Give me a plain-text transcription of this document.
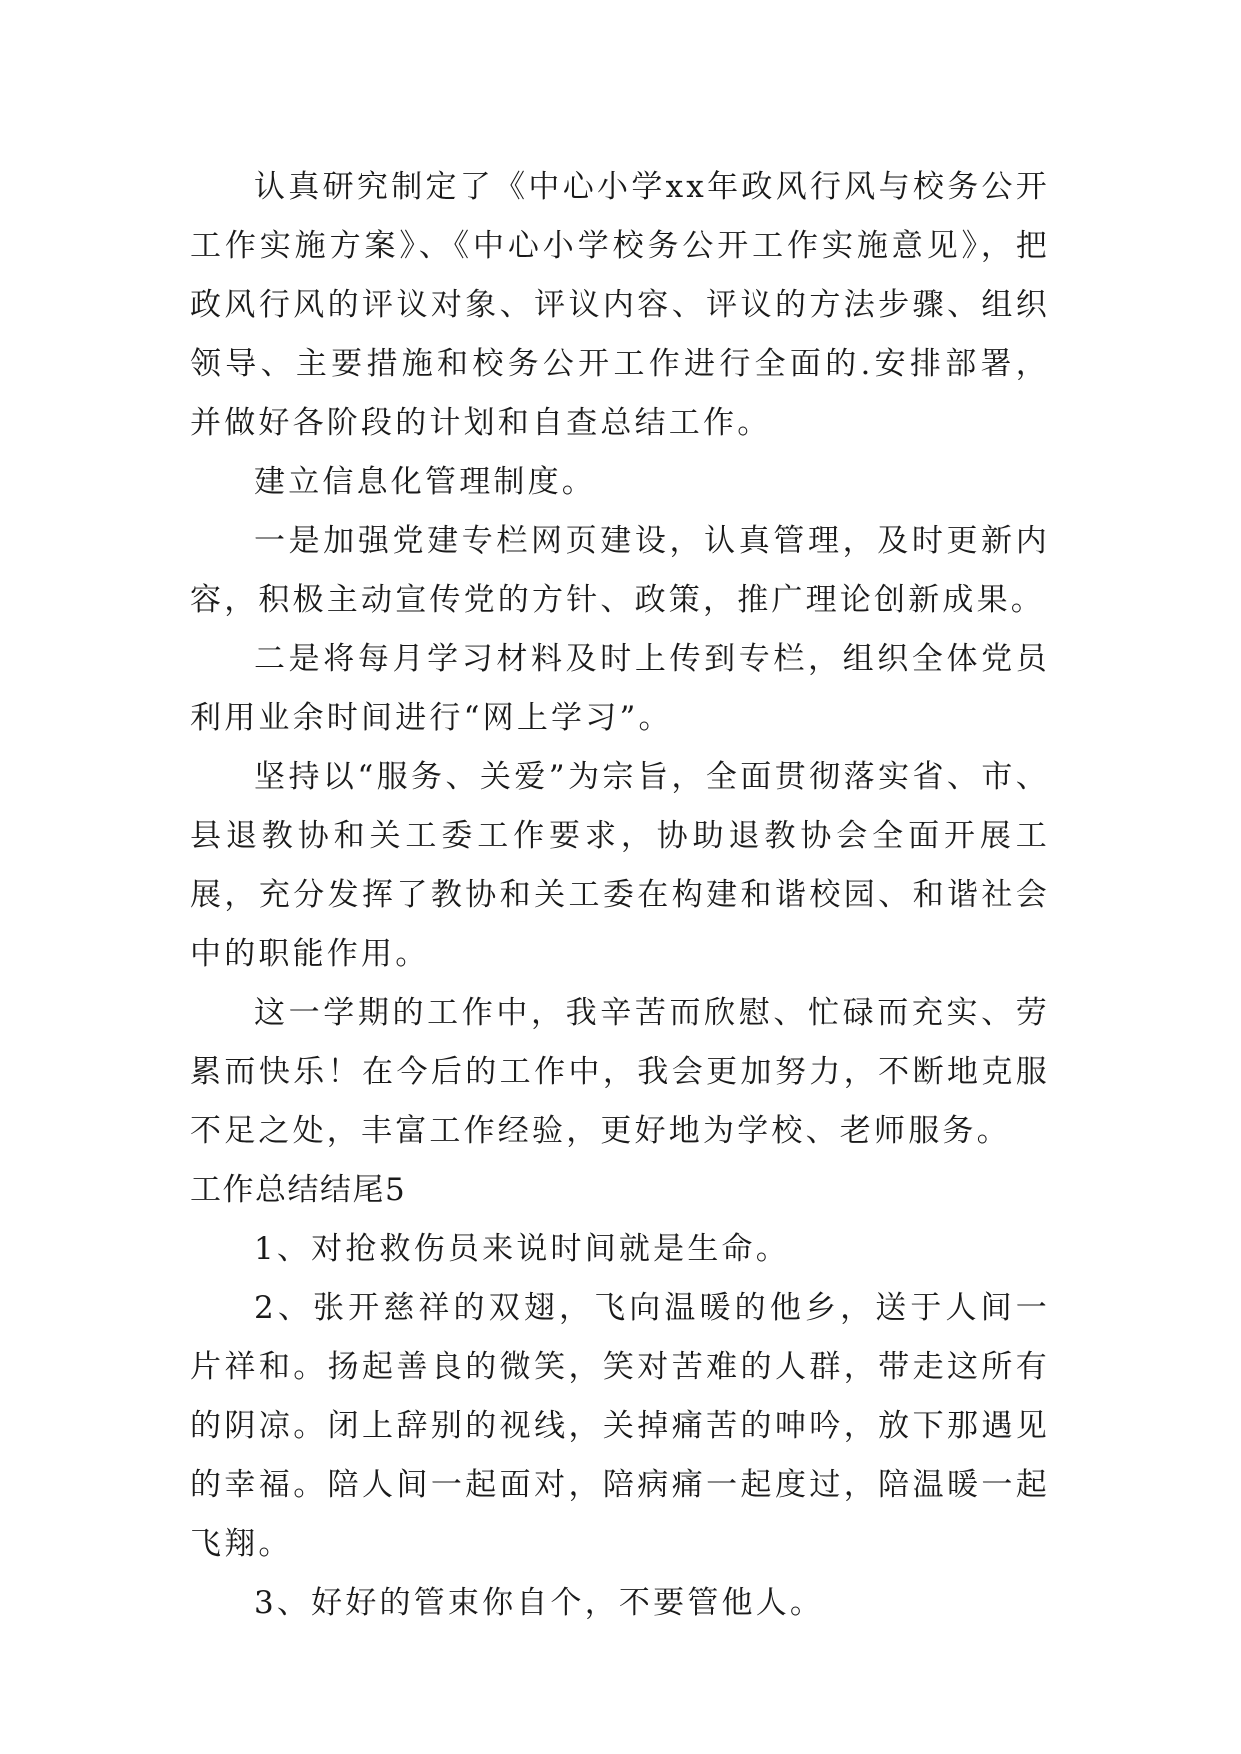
认真研究制定了《中心小学xx年政风行风与校务公开工作实施方案》、《中心小学校务公开工作实施意见》，把政风行风的评议对象、评议内容、评议的方法步骤、组织领导、主要措施和校务公开工作进行全面的.安排部署，并做好各阶段的计划和自查总结工作。

建立信息化管理制度。

一是加强党建专栏网页建设，认真管理，及时更新内容，积极主动宣传党的方针、政策，推广理论创新成果。

二是将每月学习材料及时上传到专栏，组织全体党员利用业余时间进行“网上学习”。

坚持以“服务、关爱”为宗旨，全面贯彻落实省、市、县退教协和关工委工作要求，协助退教协会全面开展工展，充分发挥了教协和关工委在构建和谐校园、和谐社会中的职能作用。

这一学期的工作中，我辛苦而欣慰、忙碌而充实、劳累而快乐！在今后的工作中，我会更加努力，不断地克服不足之处，丰富工作经验，更好地为学校、老师服务。

工作总结结尾5

1、对抢救伤员来说时间就是生命。

2、张开慈祥的双翅，飞向温暖的他乡，送于人间一片祥和。扬起善良的微笑，笑对苦难的人群，带走这所有的阴凉。闭上辞别的视线，关掉痛苦的呻吟，放下那遇见的幸福。陪人间一起面对，陪病痛一起度过，陪温暖一起飞翔。

3、好好的管束你自个，不要管他人。
